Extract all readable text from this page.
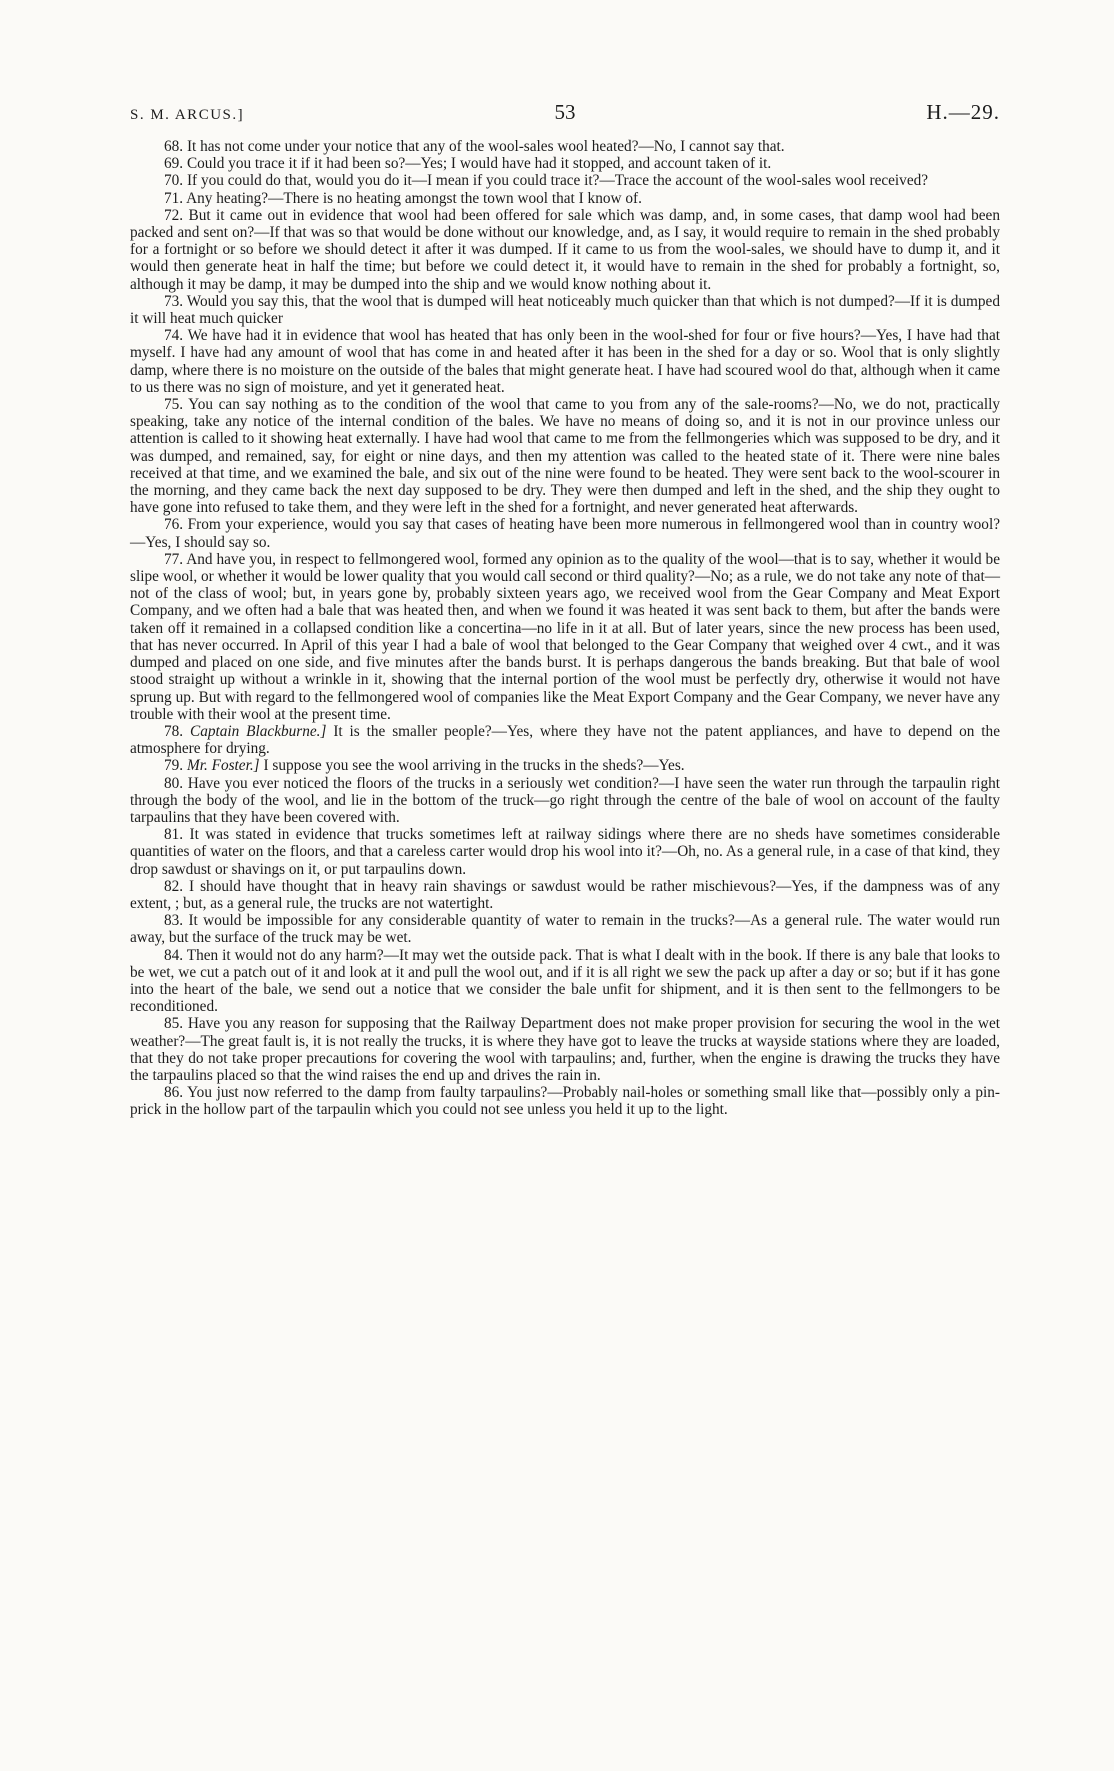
S. M. ARCUS.]	53	H.—29.

68. It has not come under your notice that any of the wool-sales wool heated?—No, I cannot say that.

69. Could you trace it if it had been so?—Yes; I would have had it stopped, and account taken of it.

70. If you could do that, would you do it—I mean if you could trace it?—Trace the account of the wool-sales wool received?

71. Any heating?—There is no heating amongst the town wool that I know of.

72. But it came out in evidence that wool had been offered for sale which was damp, and, in some cases, that damp wool had been packed and sent on?—If that was so that would be done without our knowledge, and, as I say, it would require to remain in the shed probably for a fortnight or so before we should detect it after it was dumped. If it came to us from the wool-sales, we should have to dump it, and it would then generate heat in half the time; but before we could detect it, it would have to remain in the shed for probably a fortnight, so, although it may be damp, it may be dumped into the ship and we would know nothing about it.

73. Would you say this, that the wool that is dumped will heat noticeably much quicker than that which is not dumped?—If it is dumped it will heat much quicker

74. We have had it in evidence that wool has heated that has only been in the wool-shed for four or five hours?—Yes, I have had that myself. I have had any amount of wool that has come in and heated after it has been in the shed for a day or so. Wool that is only slightly damp, where there is no moisture on the outside of the bales that might generate heat. I have had scoured wool do that, although when it came to us there was no sign of moisture, and yet it generated heat.

75. You can say nothing as to the condition of the wool that came to you from any of the sale-rooms?—No, we do not, practically speaking, take any notice of the internal condition of the bales. We have no means of doing so, and it is not in our province unless our attention is called to it showing heat externally. I have had wool that came to me from the fellmongeries which was supposed to be dry, and it was dumped, and remained, say, for eight or nine days, and then my attention was called to the heated state of it. There were nine bales received at that time, and we examined the bale, and six out of the nine were found to be heated. They were sent back to the wool-scourer in the morning, and they came back the next day supposed to be dry. They were then dumped and left in the shed, and the ship they ought to have gone into refused to take them, and they were left in the shed for a fortnight, and never generated heat afterwards.

76. From your experience, would you say that cases of heating have been more numerous in fellmongered wool than in country wool?—Yes, I should say so.

77. And have you, in respect to fellmongered wool, formed any opinion as to the quality of the wool—that is to say, whether it would be slipe wool, or whether it would be lower quality that you would call second or third quality?—No; as a rule, we do not take any note of that—not of the class of wool; but, in years gone by, probably sixteen years ago, we received wool from the Gear Company and Meat Export Company, and we often had a bale that was heated then, and when we found it was heated it was sent back to them, but after the bands were taken off it remained in a collapsed condition like a concertina—no life in it at all. But of later years, since the new process has been used, that has never occurred. In April of this year I had a bale of wool that belonged to the Gear Company that weighed over 4 cwt., and it was dumped and placed on one side, and five minutes after the bands burst. It is perhaps dangerous the bands breaking. But that bale of wool stood straight up without a wrinkle in it, showing that the internal portion of the wool must be perfectly dry, otherwise it would not have sprung up. But with regard to the fellmongered wool of companies like the Meat Export Company and the Gear Company, we never have any trouble with their wool at the present time.

78. Captain Blackburne.] It is the smaller people?—Yes, where they have not the patent appliances, and have to depend on the atmosphere for drying.

79. Mr. Foster.] I suppose you see the wool arriving in the trucks in the sheds?—Yes.

80. Have you ever noticed the floors of the trucks in a seriously wet condition?—I have seen the water run through the tarpaulin right through the body of the wool, and lie in the bottom of the truck—go right through the centre of the bale of wool on account of the faulty tarpaulins that they have been covered with.

81. It was stated in evidence that trucks sometimes left at railway sidings where there are no sheds have sometimes considerable quantities of water on the floors, and that a careless carter would drop his wool into it?—Oh, no. As a general rule, in a case of that kind, they drop sawdust or shavings on it, or put tarpaulins down.

82. I should have thought that in heavy rain shavings or sawdust would be rather mischievous?—Yes, if the dampness was of any extent, ; but, as a general rule, the trucks are not watertight.

83. It would be impossible for any considerable quantity of water to remain in the trucks?—As a general rule. The water would run away, but the surface of the truck may be wet.

84. Then it would not do any harm?—It may wet the outside pack. That is what I dealt with in the book. If there is any bale that looks to be wet, we cut a patch out of it and look at it and pull the wool out, and if it is all right we sew the pack up after a day or so; but if it has gone into the heart of the bale, we send out a notice that we consider the bale unfit for shipment, and it is then sent to the fellmongers to be reconditioned.

85. Have you any reason for supposing that the Railway Department does not make proper provision for securing the wool in the wet weather?—The great fault is, it is not really the trucks, it is where they have got to leave the trucks at wayside stations where they are loaded, that they do not take proper precautions for covering the wool with tarpaulins; and, further, when the engine is drawing the trucks they have the tarpaulins placed so that the wind raises the end up and drives the rain in.

86. You just now referred to the damp from faulty tarpaulins?—Probably nail-holes or something small like that—possibly only a pin-prick in the hollow part of the tarpaulin which you could not see unless you held it up to the light.
